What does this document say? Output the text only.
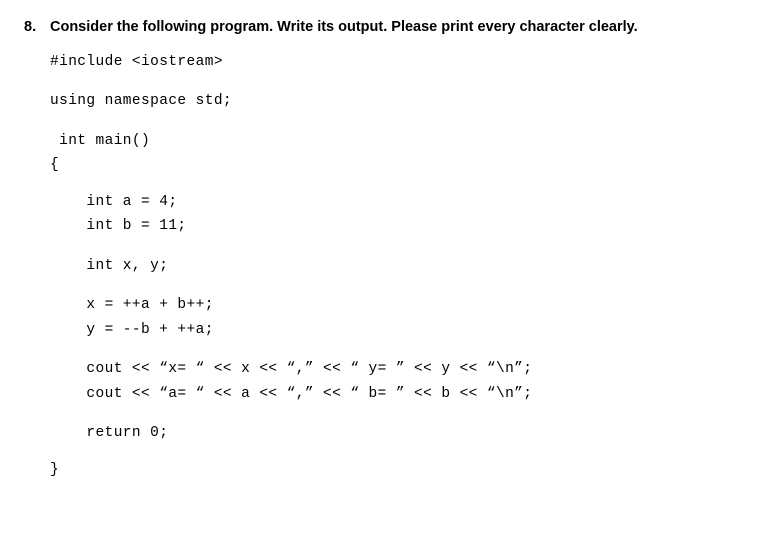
8. Consider the following program. Write its output. Please print every character clearly.
#include <iostream>
using namespace std;
int main()
{
int a = 4;
int b = 11;
int x, y;
x = ++a + b++;
y = --b + ++a;
cout << “x= “ << x << “,” << “ y= ” << y << “\n”;
cout << “a= “ << a << “,” << “ b= ” << b << “\n”;
return 0;
}
